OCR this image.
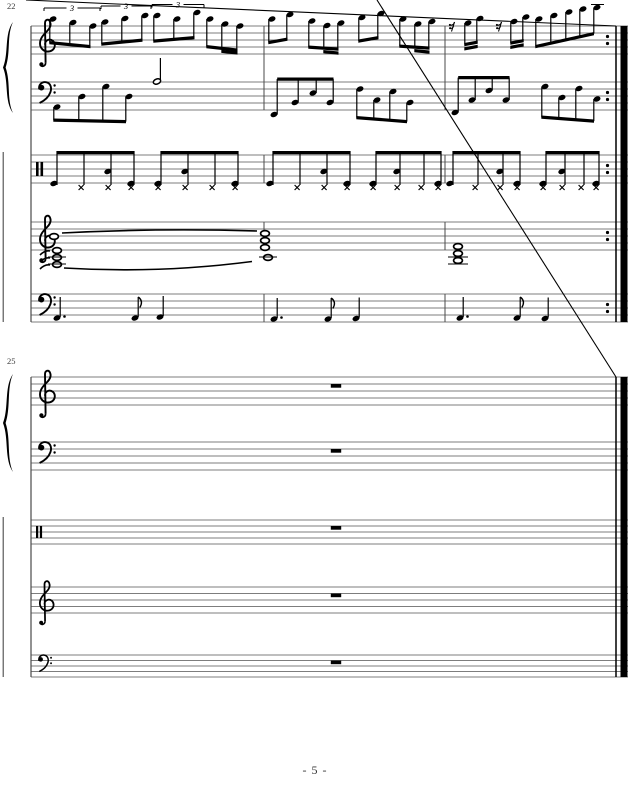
3	3	3
22
25
- 5 -
